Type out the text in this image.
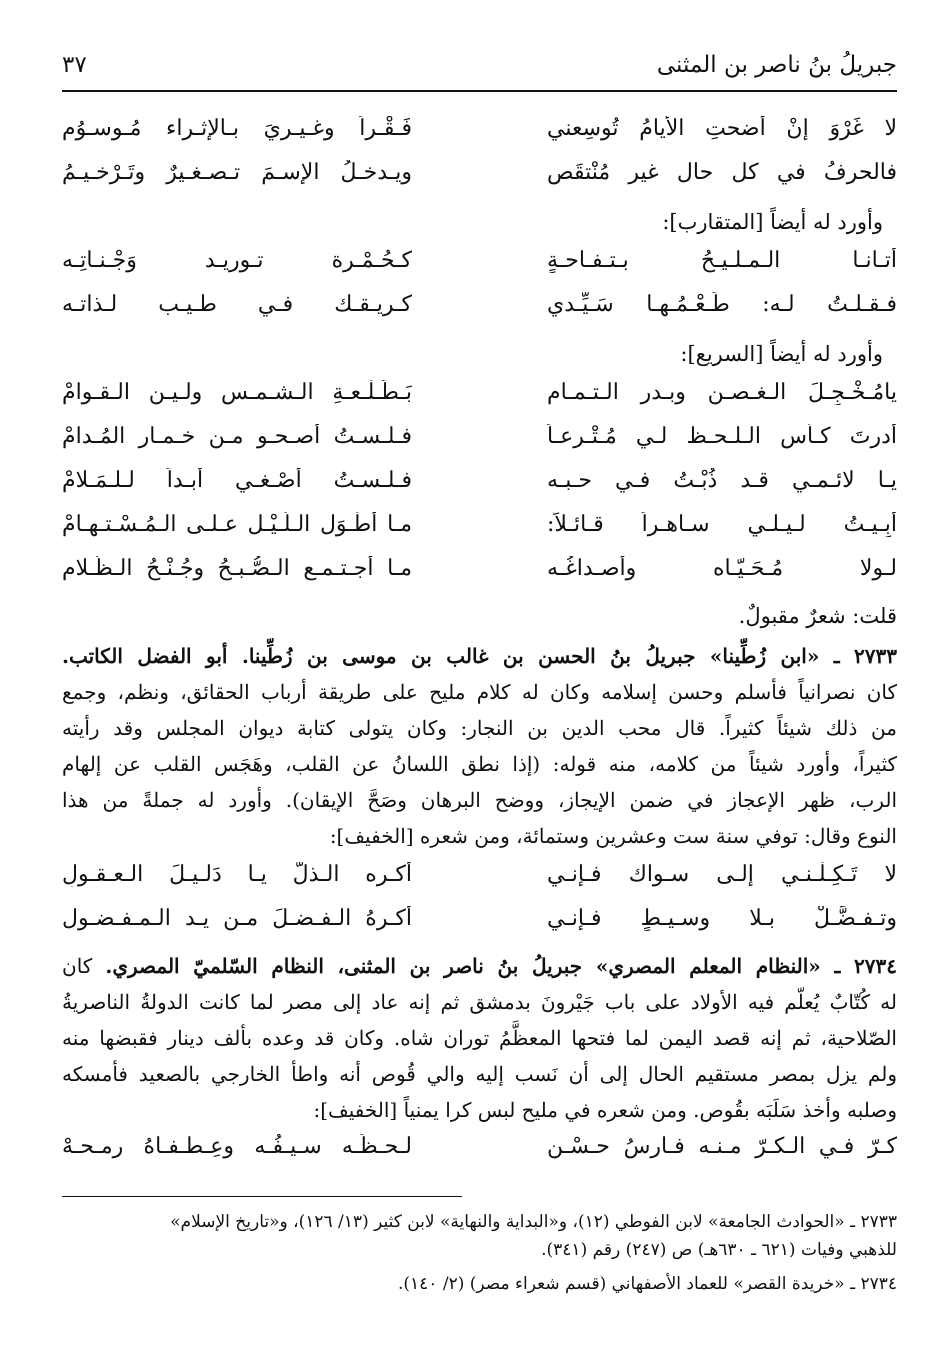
جبريلُ بنُ ناصر بن المثنى
٣٧
لا غَرْوَ إنْ أضحتِ الأيامُ تُوسِعني
فَـقْـراً وغـيـريَ بـالإثـراء مُـوسـوُم
فالحرفُ في كل حال غير مُنْتقَص
ويـدخـلُ الإسـمَ تـصـغـيرٌ وتَـرْخـيـمُ
وأورد له أيضاً [المتقارب]:
أتـانـا الـمـلـيـحُ بـتـفـاحـةٍ
كـحُـمْـرة تـوريـد وَجْـنـاتِـه
فـقـلـتُ لـه: طَـعْـمُـهـا سَـيِّـدي
كـريـقـك فـي طـيـب لـذاتـه
وأورد له أيضاً [السريع]:
يامُـخْـجِـلَ الـغـصـنِ وبـدر الـتـمـام
بَـطَـلْـعـةِ الـشـمـس ولـيـن الـقـوامْ
أدرتَ كـأس الـلـحـظ لـي مُـتْـرعـاً
فـلـسـتُ أصـحـو مـن خـمـار المُـدامْ
يـا لائـمـي قـد ذُبْـتُ فـي حـبـه
فـلـسـتُ أُصْـغـي أبـداً لـلـمَـلامْ
أَبِـيـتُ لـيـلـي سـاهـراً قـائـلاً:
مـا أطْـوَل الـلَّـيْـل عـلـى الـمُـسْـتـهـامْ
لـولا مُـحَـيّـاه وأصـداغُـه
مـا أجـتـمـع الـصُّـبـحُ وجُـنْـحُ الـظَّـلام
قلت: شعرٌ مقبولٌ.
٢٧٣٣ ـ «ابن زُطِّينا» جبريلُ بنُ الحسن بن غالب بن موسى بن زُطِّينا. أبو الفضل الكاتب.
كان نصرانياً فأسلم وحسن إسلامه وكان له كلام مليح على طريقة أرباب الحقائق، ونظم، وجمع
من ذلك شيئاً كثيراً. قال محب الدين بن النجار: وكان يتولى كتابة ديوان المجلس وقد رأيته
كثيراً، وأورد شيئاً من كلامه، منه قوله: (إذا نطق اللسانُ عن القلب، وهَجَس القلب عن إلهام
الرب، ظهر الإعجاز في ضمن الإيجاز، ووضح البرهان وصَحَّ الإيقان). وأورد له جملةً من هذا
النوع وقال: توفي سنة ست وعشرين وستمائة، ومن شعره [الخفيف]:
لا تَـكِـلْـنـي إلـى سـواك فـإنـي
أكـره الـذلّ يـا دَلـيـلَ الـعـقـولِ
وتـفـضَّـلْ بـلا وسـيـطٍ فـإنـي
أكـرهُ الـفـضـلَ مـن يـد الـمـفـضـول
٢٧٣٤ ـ «النظام المعلم المصري» جبريلُ بنُ ناصر بن المثنى، النظام السّلميّ المصري. كان
له كُتّابٌ يُعلّم فيه الأولاد على باب جَيْرونَ بدمشق ثم إنه عاد إلى مصر لما كانت الدولةُ الناصريةُ
الصّلاحية، ثم إنه قصد اليمن لما فتحها المعظَّمُ توران شاه. وكان قد وعده بألف دينار فقبضها منه
ولم يزل بمصر مستقيم الحال إلى أن نَسب إليه والي قُوص أنه واطأ الخارجي بالصعيد فأمسكه
وصلبه وأخذ سَلَبَه بقُوص. ومن شعره في مليح لبس كرا يمنياً [الخفيف]:
كـرّ فـي الـكـرّ مـنـه فـارسُ حـسْـنٍ
لـحـظُـه سـيـفُـه وعِـطـفـاهُ رمـحـهْ
٢٧٣٣ ـ «الحوادث الجامعة» لابن الفوطي (١٢)، و«البداية والنهاية» لابن كثير (١٣/ ١٢٦)، و«تاريخ الإسلام»
للذهبي وفيات (٦٢١ ـ ٦٣٠هـ) ص (٢٤٧) رقم (٣٤١).
٢٧٣٤ ـ «خريدة القصر» للعماد الأصفهاني (قسم شعراء مصر) (٢/ ١٤٠).
